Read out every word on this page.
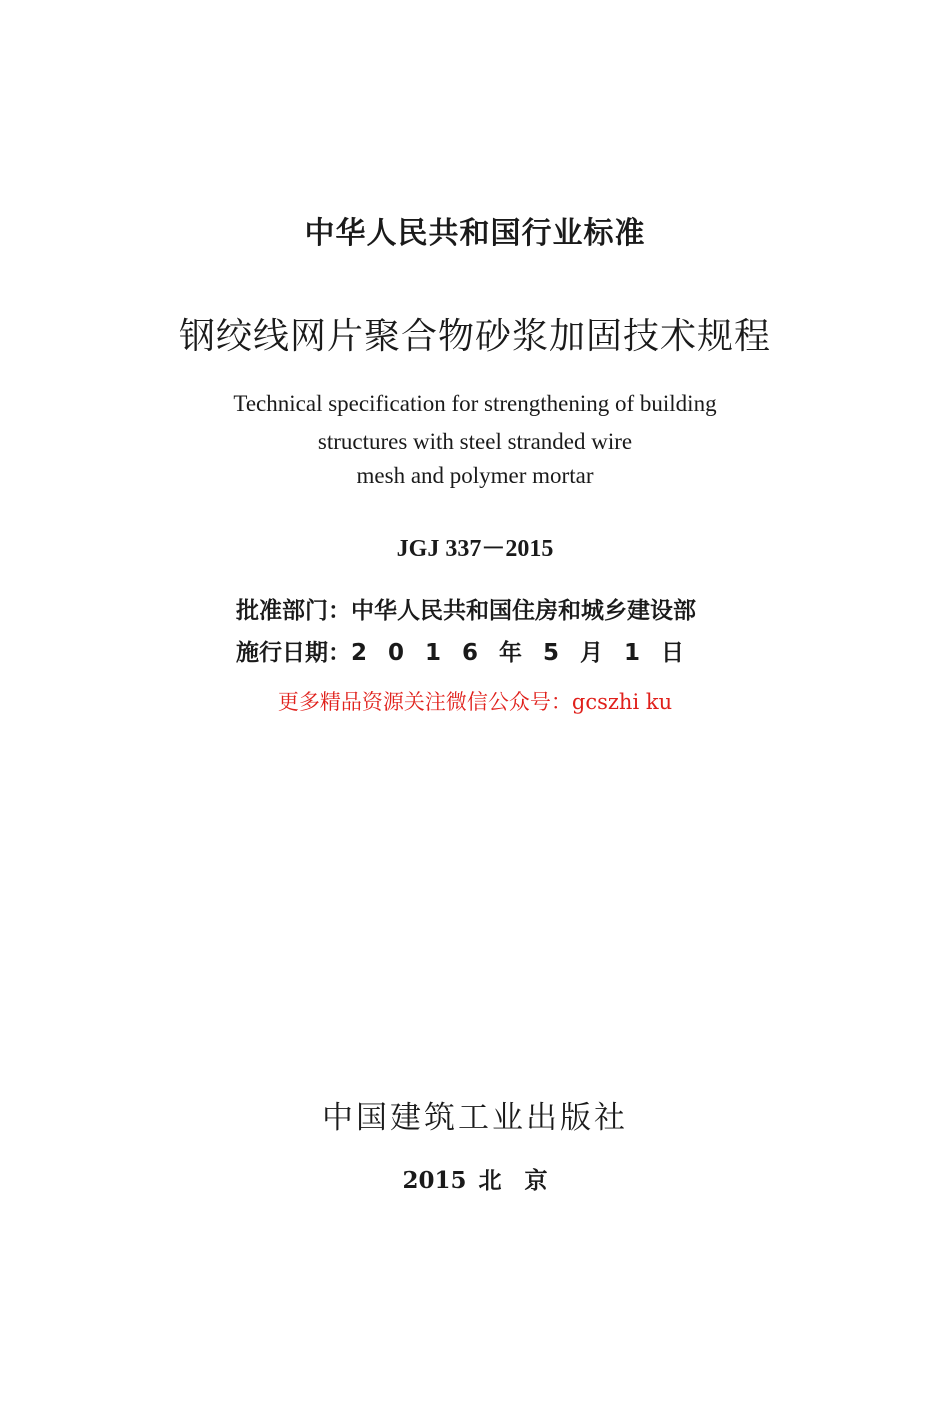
中华人民共和国行业标准
钢绞线网片聚合物砂浆加固技术规程
Technical specification for strengthening of building
structures with steel stranded wire
mesh and polymer mortar
JGJ 337－2015
批准部门：中华人民共和国住房和城乡建设部
施行日期：2016年5月1日
更多精品资源关注微信公众号：gcszhi ku
中国建筑工业出版社
2015 北　京
